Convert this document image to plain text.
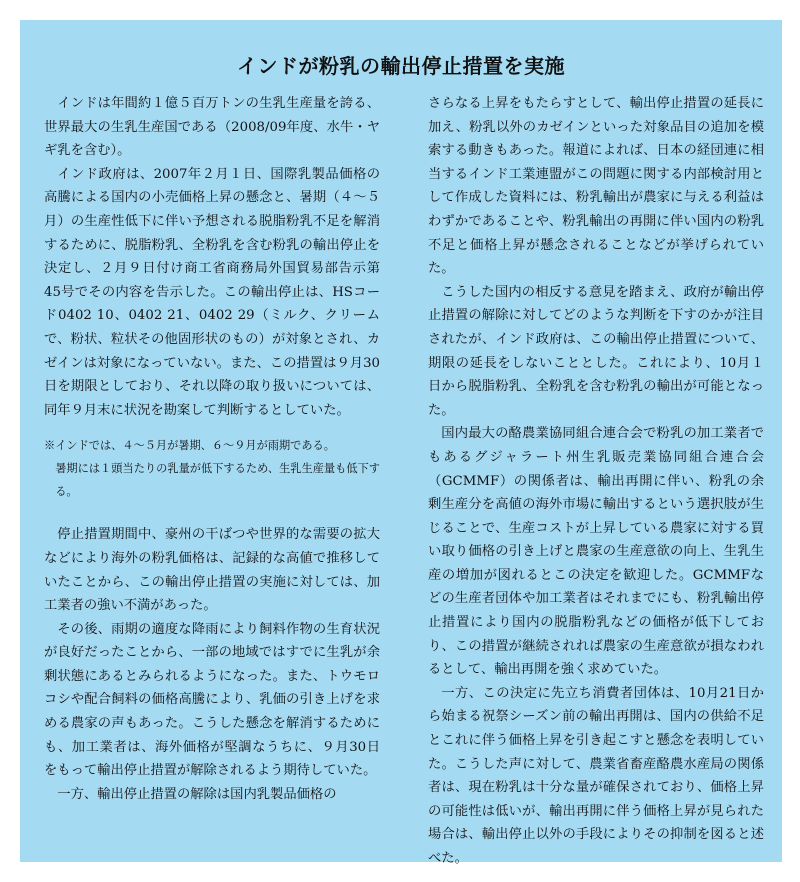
インドが粉乳の輸出停止措置を実施

インドは年間約１億５百万トンの生乳生産量を誇る、世界最大の生乳生産国である（2008/09年度、水牛・ヤギ乳を含む）。

インド政府は、2007年２月１日、国際乳製品価格の高騰による国内の小売価格上昇の懸念と、暑期（４～５月）の生産性低下に伴い予想される脱脂粉乳不足を解消するために、脱脂粉乳、全粉乳を含む粉乳の輸出停止を決定し、２月９日付け商工省商務局外国貿易部告示第45号でその内容を告示した。この輸出停止は、HSコード0402 10、0402 21、0402 29（ミルク、クリームで、粉状、粒状その他固形状のもの）が対象とされ、カゼインは対象になっていない。また、この措置は９月30日を期限としており、それ以降の取り扱いについては、同年９月末に状況を勘案して判断するとしていた。

※インドでは、４～５月が暑期、６～９月が雨期である。

暑期には１頭当たりの乳量が低下するため、生乳生産量も低下する。

停止措置期間中、豪州の干ばつや世界的な需要の拡大などにより海外の粉乳価格は、記録的な高値で推移していたことから、この輸出停止措置の実施に対しては、加工業者の強い不満があった。

その後、雨期の適度な降雨により飼料作物の生育状況が良好だったことから、一部の地域ではすでに生乳が余剰状態にあるとみられるようになった。また、トウモロコシや配合飼料の価格高騰により、乳価の引き上げを求める農家の声もあった。こうした懸念を解消するためにも、加工業者は、海外価格が堅調なうちに、９月30日をもって輸出停止措置が解除されるよう期待していた。

一方、輸出停止措置の解除は国内乳製品価格の

さらなる上昇をもたらすとして、輸出停止措置の延長に加え、粉乳以外のカゼインといった対象品目の追加を模索する動きもあった。報道によれば、日本の経団連に相当するインド工業連盟がこの問題に関する内部検討用として作成した資料には、粉乳輸出が農家に与える利益はわずかであることや、粉乳輸出の再開に伴い国内の粉乳不足と価格上昇が懸念されることなどが挙げられていた。

こうした国内の相反する意見を踏まえ、政府が輸出停止措置の解除に対してどのような判断を下すのかが注目されたが、インド政府は、この輸出停止措置について、期限の延長をしないこととした。これにより、10月１日から脱脂粉乳、全粉乳を含む粉乳の輸出が可能となった。

国内最大の酪農業協同組合連合会で粉乳の加工業者でもあるグジャラート州生乳販売業協同組合連合会（GCMMF）の関係者は、輸出再開に伴い、粉乳の余剰生産分を高値の海外市場に輸出するという選択肢が生じることで、生産コストが上昇している農家に対する買い取り価格の引き上げと農家の生産意欲の向上、生乳生産の増加が図れるとこの決定を歓迎した。GCMMFなどの生産者団体や加工業者はそれまでにも、粉乳輸出停止措置により国内の脱脂粉乳などの価格が低下しており、この措置が継続されれば農家の生産意欲が損なわれるとして、輸出再開を強く求めていた。

一方、この決定に先立ち消費者団体は、10月21日から始まる祝祭シーズン前の輸出再開は、国内の供給不足とこれに伴う価格上昇を引き起こすと懸念を表明していた。こうした声に対して、農業省畜産酪農水産局の関係者は、現在粉乳は十分な量が確保されており、価格上昇の可能性は低いが、輸出再開に伴う価格上昇が見られた場合は、輸出停止以外の手段によりその抑制を図ると述べた。
